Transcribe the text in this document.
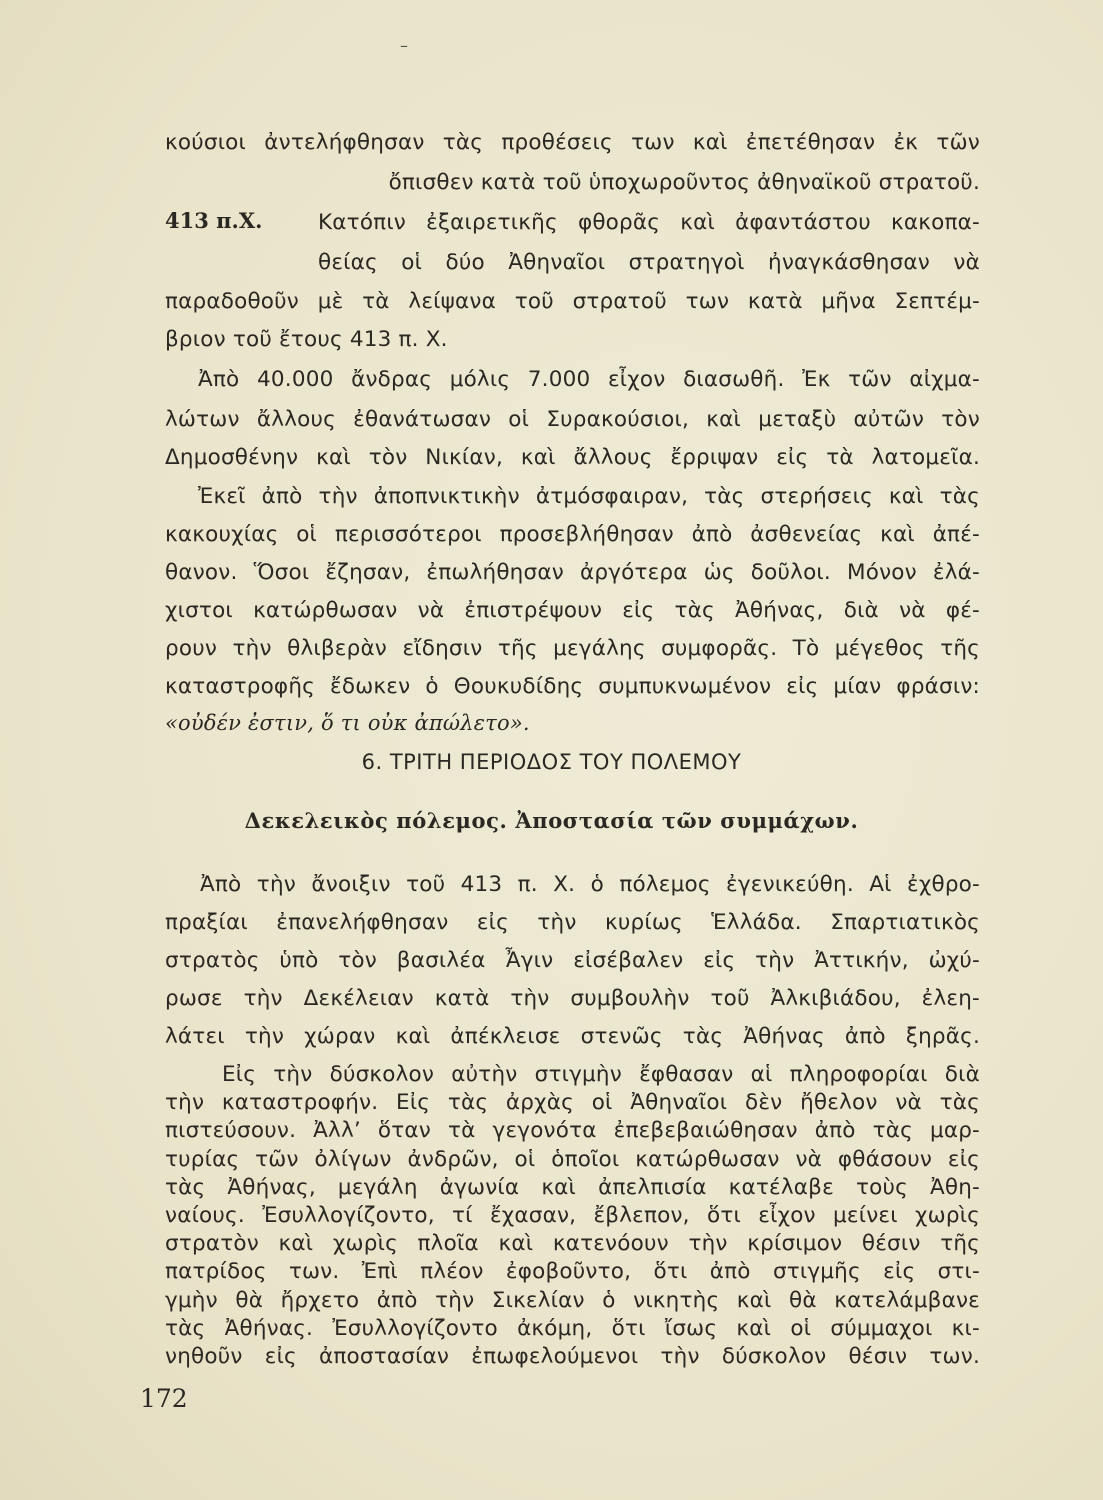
–
κούσιοι ἀντελήφθησαν τὰς προθέσεις των καὶ ἐπετέθησαν ἐκ τῶν
ὄπισθεν κατὰ τοῦ ὑποχωροῦντος ἀθηναϊκοῦ στρατοῦ.
413 π.Χ.	Κατόπιν ἐξαιρετικῆς φθορᾶς καὶ ἀφαντάστου κακοπα-
θείας οἱ δύο Ἀθηναῖοι στρατηγοὶ ἠναγκάσθησαν νὰ
παραδοθοῦν μὲ τὰ λείψανα τοῦ στρατοῦ των κατὰ μῆνα Σεπτέμ-
βριον τοῦ ἔτους 413 π. Χ.
Ἀπὸ 40.000 ἄνδρας μόλις 7.000 εἶχον διασωθῆ. Ἐκ τῶν αἰχμα-
λώτων ἄλλους ἐθανάτωσαν οἱ Συρακούσιοι, καὶ μεταξὺ αὐτῶν τὸν
Δημοσθένην καὶ τὸν Νικίαν, καὶ ἄλλους ἔρριψαν εἰς τὰ λατομεῖα.
Ἐκεῖ ἀπὸ τὴν ἀποπνικτικὴν ἀτμόσφαιραν, τὰς στερήσεις καὶ τὰς
κακουχίας οἱ περισσότεροι προσεβλήθησαν ἀπὸ ἀσθενείας καὶ ἀπέ-
θανον. Ὅσοι ἔζησαν, ἐπωλήθησαν ἀργότερα ὡς δοῦλοι. Μόνον ἐλά-
χιστοι κατώρθωσαν νὰ ἐπιστρέψουν εἰς τὰς Ἀθήνας, διὰ νὰ φέ-
ρουν τὴν θλιβερὰν εἴδησιν τῆς μεγάλης συμφορᾶς. Τὸ μέγεθος τῆς
καταστροφῆς ἔδωκεν ὁ Θουκυδίδης συμπυκνωμένον εἰς μίαν φράσιν:
«οὐδέν ἐστιν, ὅ τι οὐκ ἀπώλετο».
6. ΤΡΙΤΗ ΠΕΡΙΟΔΟΣ ΤΟΥ ΠΟΛΕΜΟΥ
Δεκελεικὸς πόλεμος. Ἀποστασία τῶν συμμάχων.
Ἀπὸ τὴν ἄνοιξιν τοῦ 413 π. Χ. ὁ πόλεμος ἐγενικεύθη. Αἱ ἐχθρο-
πραξίαι ἐπανελήφθησαν εἰς τὴν κυρίως Ἑλλάδα. Σπαρτιατικὸς
στρατὸς ὑπὸ τὸν βασιλέα Ἆγιν εἰσέβαλεν εἰς τὴν Ἀττικήν, ὠχύ-
ρωσε τὴν Δεκέλειαν κατὰ τὴν συμβουλὴν τοῦ Ἀλκιβιάδου, ἐλεη-
λάτει τὴν χώραν καὶ ἀπέκλεισε στενῶς τὰς Ἀθήνας ἀπὸ ξηρᾶς.
Εἰς τὴν δύσκολον αὐτὴν στιγμὴν ἔφθασαν αἱ πληροφορίαι διὰ
τὴν καταστροφήν. Εἰς τὰς ἀρχὰς οἱ Ἀθηναῖοι δὲν ἤθελον νὰ τὰς
πιστεύσουν. Ἀλλ’ ὅταν τὰ γεγονότα ἐπεβεβαιώθησαν ἀπὸ τὰς μαρ-
τυρίας τῶν ὀλίγων ἀνδρῶν, οἱ ὁποῖοι κατώρθωσαν νὰ φθάσουν εἰς
τὰς Ἀθήνας, μεγάλη ἀγωνία καὶ ἀπελπισία κατέλαβε τοὺς Ἀθη-
ναίους. Ἐσυλλογίζοντο, τί ἔχασαν, ἔβλεπον, ὅτι εἶχον μείνει χωρὶς
στρατὸν καὶ χωρὶς πλοῖα καὶ κατενόουν τὴν κρίσιμον θέσιν τῆς
πατρίδος των. Ἐπὶ πλέον ἐφοβοῦντο, ὅτι ἀπὸ στιγμῆς εἰς στι-
γμὴν θὰ ἤρχετο ἀπὸ τὴν Σικελίαν ὁ νικητὴς καὶ θὰ κατελάμβανε
τὰς Ἀθήνας. Ἐσυλλογίζοντο ἀκόμη, ὅτι ἴσως καὶ οἱ σύμμαχοι κι-
νηθοῦν εἰς ἀποστασίαν ἐπωφελούμενοι τὴν δύσκολον θέσιν των.
172
